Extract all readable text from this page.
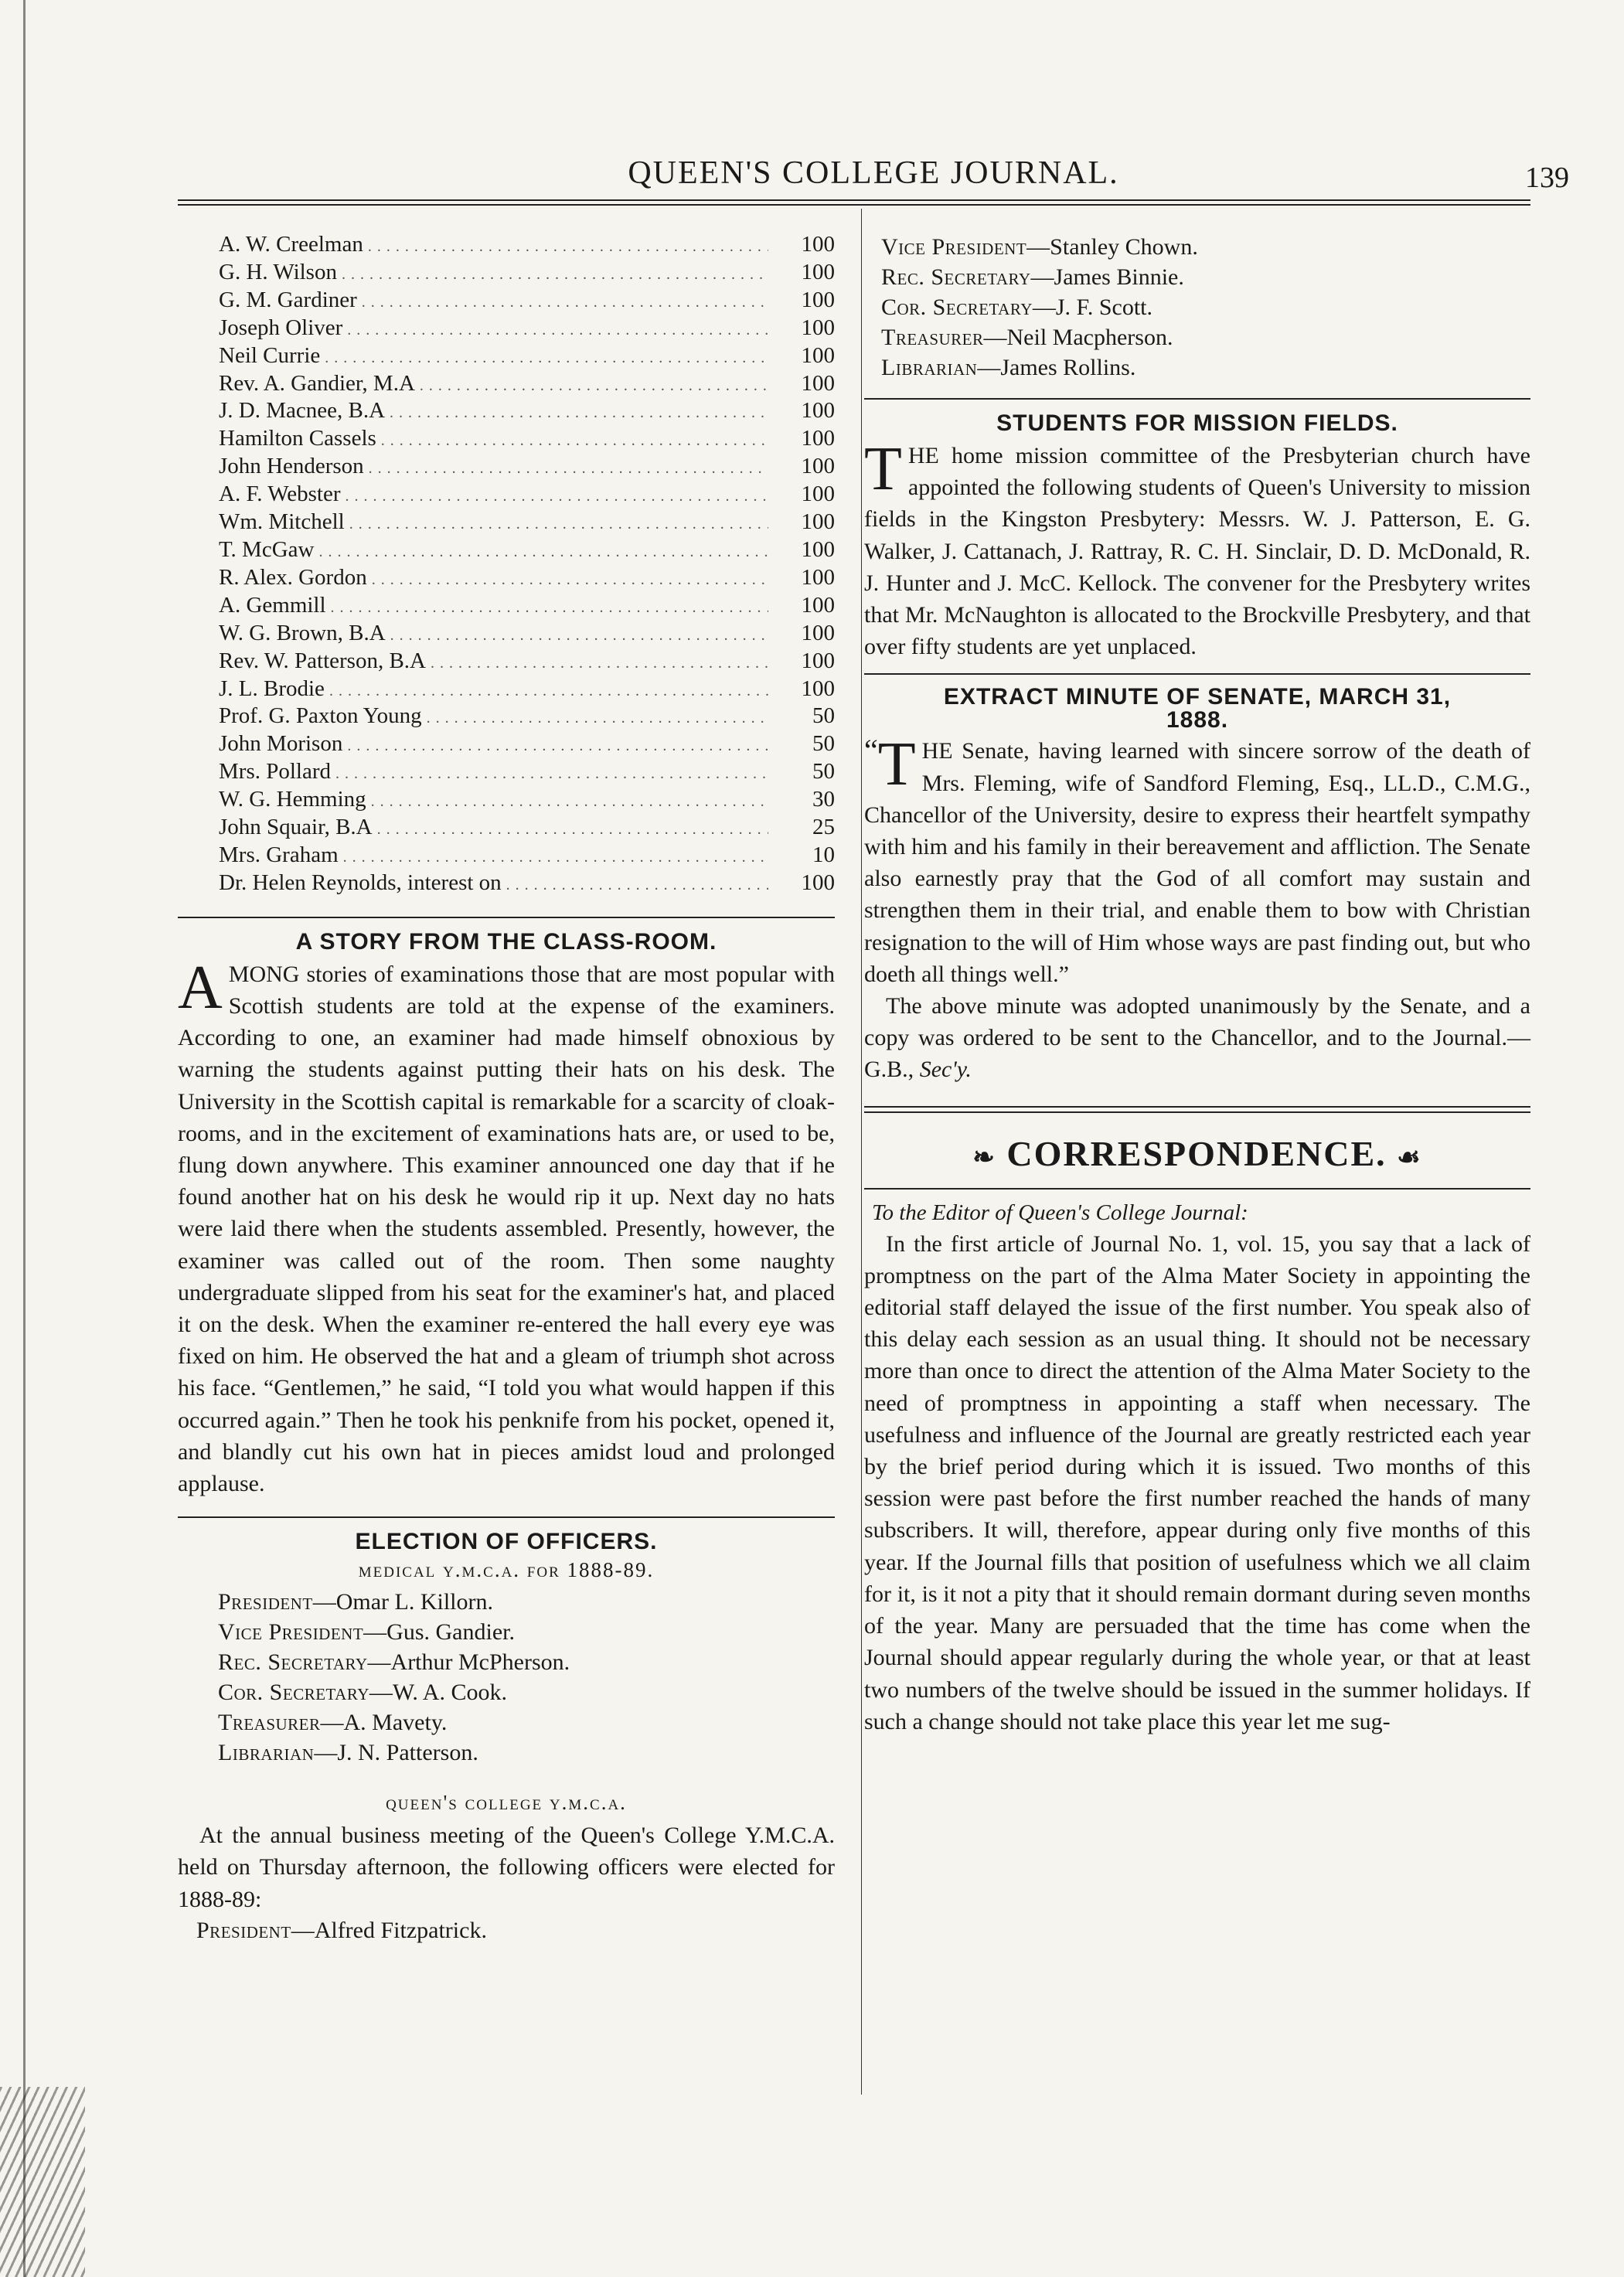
QUEEN'S COLLEGE JOURNAL.	139
A. W. Creelman . . .	100
G. H. Wilson . . .	100
G. M. Gardiner . . .	100
Joseph Oliver . . .	100
Neil Currie . . .	100
Rev. A. Gandier, M.A . . .	100
J. D. Macnee, B.A . . .	100
Hamilton Cassels . . .	100
John Henderson . . .	100
A. F. Webster . . .	100
Wm. Mitchell . . .	100
T. McGaw . . .	100
R. Alex. Gordon . . .	100
A. Gemmill . . .	100
W. G. Brown, B.A . . .	100
Rev. W. Patterson, B.A . . .	100
J. L. Brodie . . .	100
Prof. G. Paxton Young . . .	50
John Morison . . .	50
Mrs. Pollard . . .	50
W. G. Hemming . . .	30
John Squair, B.A . . .	25
Mrs. Graham . . .	10
Dr. Helen Reynolds, interest on . . .	100
A STORY FROM THE CLASS-ROOM.

AMONG stories of examinations those that are most popular with Scottish students are told at the expense of the examiners. According to one, an examiner had made himself obnoxious by warning the students against putting their hats on his desk. The University in the Scottish capital is remarkable for a scarcity of cloak-rooms, and in the excitement of examinations hats are, or used to be, flung down anywhere. This examiner announced one day that if he found another hat on his desk he would rip it up. Next day no hats were laid there when the students assembled. Presently, however, the examiner was called out of the room. Then some naughty undergraduate slipped from his seat for the examiner's hat, and placed it on the desk. When the examiner re-entered the hall every eye was fixed on him. He observed the hat and a gleam of triumph shot across his face. “Gentlemen,” he said, “I told you what would happen if this occurred again.” Then he took his penknife from his pocket, opened it, and blandly cut his own hat in pieces amidst loud and prolonged applause.

ELECTION OF OFFICERS.
medical y.m.c.a. for 1888-89.
President—Omar L. Killorn.
Vice President—Gus. Gandier.
Rec. Secretary—Arthur McPherson.
Cor. Secretary—W. A. Cook.
Treasurer—A. Mavety.
Librarian—J. N. Patterson.
queen's college y.m.c.a.

At the annual business meeting of the Queen's College Y.M.C.A. held on Thursday afternoon, the following officers were elected for 1888-89:

President—Alfred Fitzpatrick.
Vice President—Stanley Chown.
Rec. Secretary—James Binnie.
Cor. Secretary—J. F. Scott.
Treasurer—Neil Macpherson.
Librarian—James Rollins.
STUDENTS FOR MISSION FIELDS.

THE home mission committee of the Presbyterian church have appointed the following students of Queen's University to mission fields in the Kingston Presbytery: Messrs. W. J. Patterson, E. G. Walker, J. Cattanach, J. Rattray, R. C. H. Sinclair, D. D. McDonald, R. J. Hunter and J. McC. Kellock. The convener for the Presbytery writes that Mr. McNaughton is allocated to the Brockville Presbytery, and that over fifty students are yet unplaced.

EXTRACT MINUTE OF SENATE, MARCH 31,
1888.

“ T HE Senate, having learned with sincere sorrow of the death of Mrs. Fleming, wife of Sandford Fleming, Esq., LL.D., C.M.G., Chancellor of the University, desire to express their heartfelt sympathy with him and his family in their bereavement and affliction. The Senate also earnestly pray that the God of all comfort may sustain and strengthen them in their trial, and enable them to bow with Christian resignation to the will of Him whose ways are past finding out, but who doeth all things well.”

The above minute was adopted unanimously by the Senate, and a copy was ordered to be sent to the Chancellor, and to the Journal.—G.B., Sec'y.

❧ CORRESPONDENCE. ☙
To the Editor of Queen's College Journal:

In the first article of Journal No. 1, vol. 15, you say that a lack of promptness on the part of the Alma Mater Society in appointing the editorial staff delayed the issue of the first number. You speak also of this delay each session as an usual thing. It should not be necessary more than once to direct the attention of the Alma Mater Society to the need of promptness in appointing a staff when necessary. The usefulness and influence of the Journal are greatly restricted each year by the brief period during which it is issued. Two months of this session were past before the first number reached the hands of many subscribers. It will, therefore, appear during only five months of this year. If the Journal fills that position of usefulness which we all claim for it, is it not a pity that it should remain dormant during seven months of the year. Many are persuaded that the time has come when the Journal should appear regularly during the whole year, or that at least two numbers of the twelve should be issued in the summer holidays. If such a change should not take place this year let me sug-
